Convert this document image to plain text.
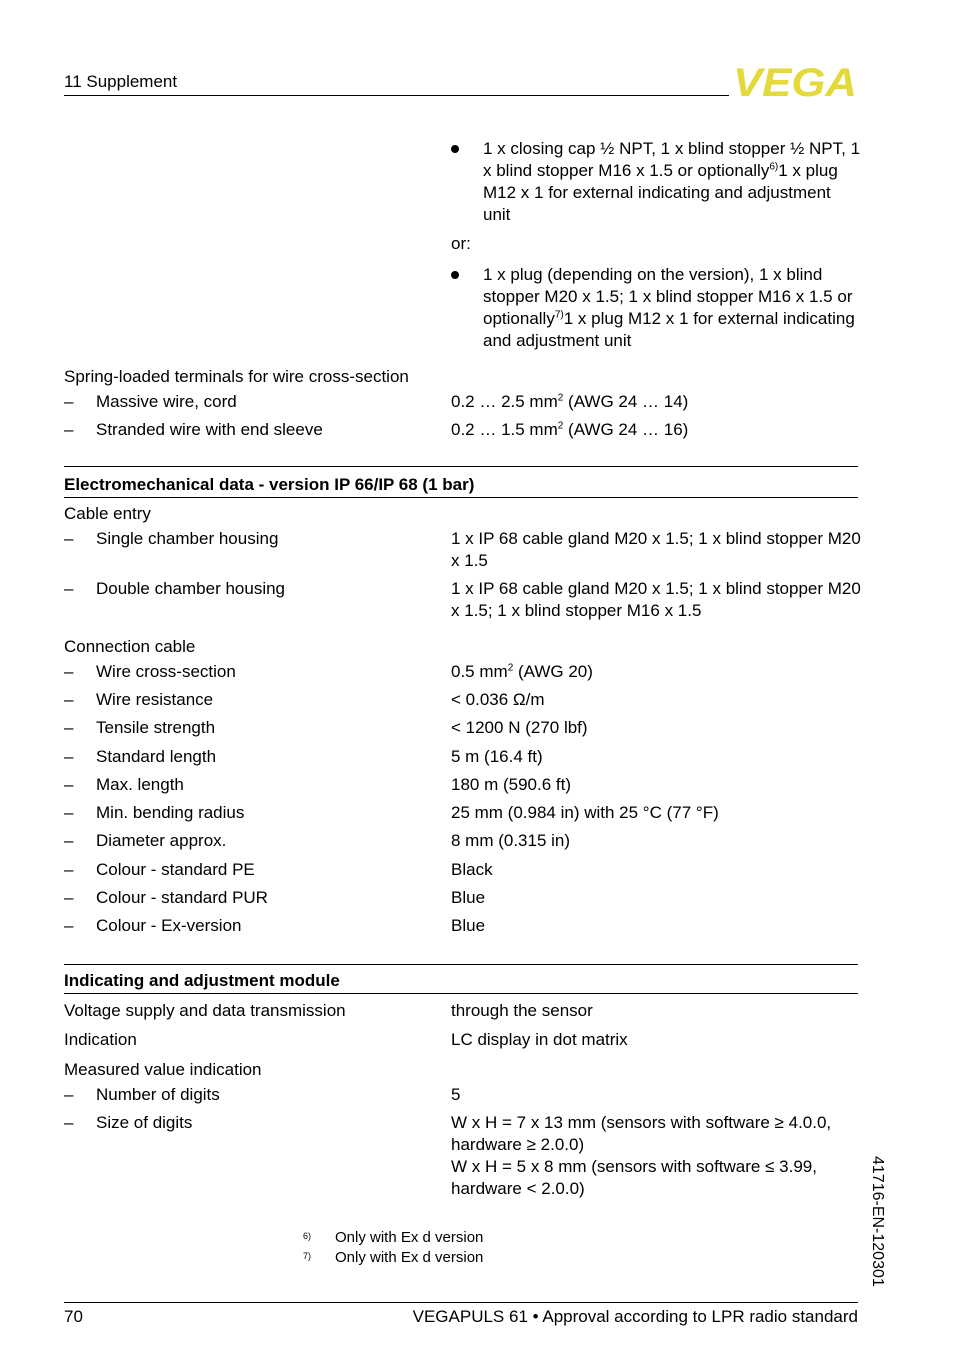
11 Supplement	VEGA
1 x closing cap ½ NPT, 1 x blind stopper ½ NPT, 1 x blind stopper M16 x 1.5 or optionally$^{6)}$1 x plug M12 x 1 for external indicating and adjustment unit
or:
1 x plug (depending on the version), 1 x blind stopper M20 x 1.5; 1 x blind stopper M16 x 1.5 or optionally$^{7)}$1 x plug M12 x 1 for external indicating and adjustment unit
Spring-loaded terminals for wire cross-section
– Massive wire, cord	0.2 … 2.5 $mm^2$ (AWG 24 … 14)
– Stranded wire with end sleeve	0.2 … 1.5 $mm^2$ (AWG 24 … 16)
Electromechanical data - version IP 66/IP 68 (1 bar)
Cable entry
– Single chamber housing	1 x IP 68 cable gland M20 x 1.5; 1 x blind stopper M20 x 1.5
– Double chamber housing	1 x IP 68 cable gland M20 x 1.5; 1 x blind stopper M20 x 1.5; 1 x blind stopper M16 x 1.5
Connection cable
– Wire cross-section	0.5 $mm^2$ (AWG 20)
– Wire resistance	< 0.036 Ω/m
– Tensile strength	< 1200 N (270 lbf)
– Standard length	5 m (16.4 ft)
– Max. length	180 m (590.6 ft)
– Min. bending radius	25 mm (0.984 in) with 25 °C (77 °F)
– Diameter approx.	8 mm (0.315 in)
– Colour - standard PE	Black
– Colour - standard PUR	Blue
– Colour - Ex-version	Blue
Indicating and adjustment module
Voltage supply and data transmission	through the sensor
Indication	LC display in dot matrix
Measured value indication
– Number of digits	5
– Size of digits	W x H = 7 x 13 mm (sensors with software ≥ 4.0.0, hardware ≥ 2.0.0)
W x H = 5 x 8 mm (sensors with software ≤ 3.99, hardware < 2.0.0)
6) Only with Ex d version
7) Only with Ex d version	41716-EN-120301
70	VEGAPULS 61 • Approval according to LPR radio standard
